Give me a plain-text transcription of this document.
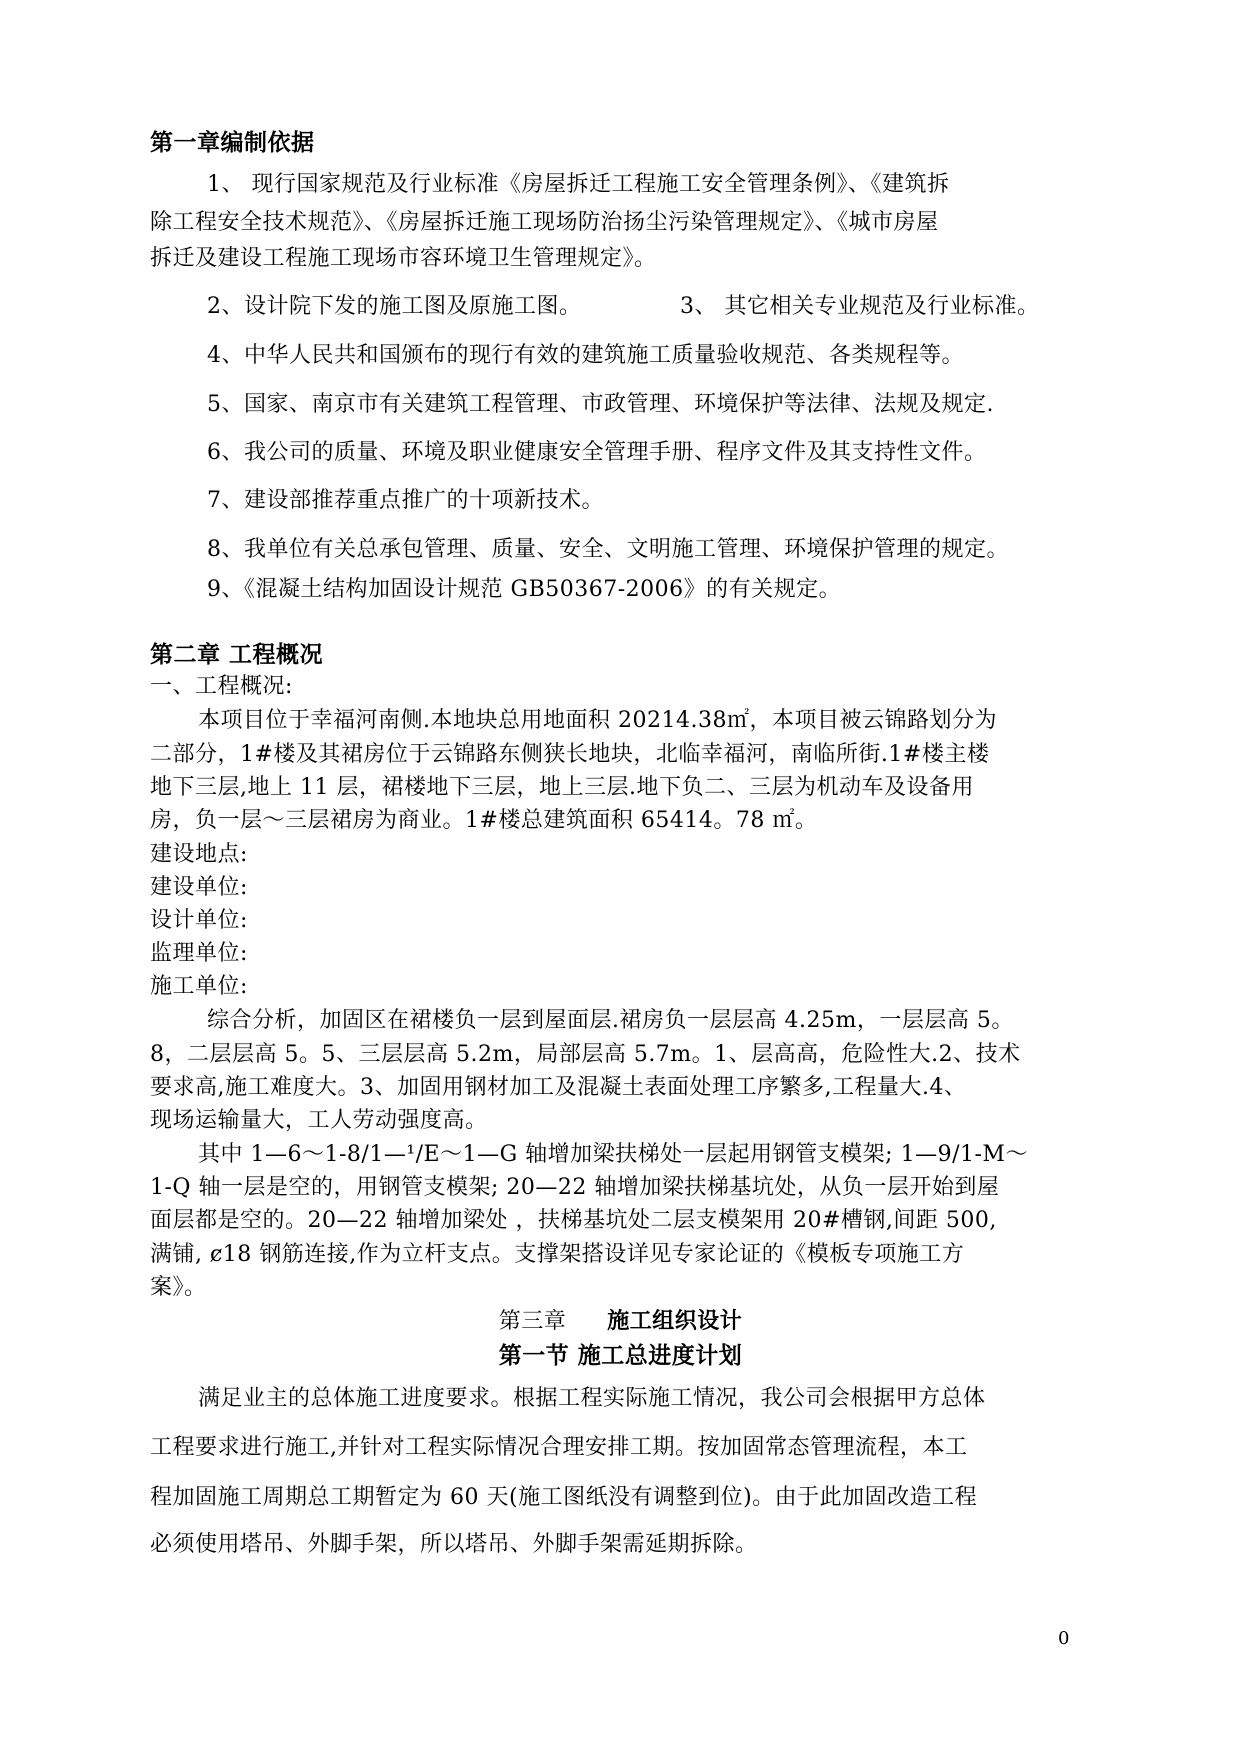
第一章编制依据
1、 现行国家规范及行业标准《房屋拆迁工程施工安全管理条例》、《建筑拆
除工程安全技术规范》、《房屋拆迁施工现场防治扬尘污染管理规定》、《城市房屋
拆迁及建设工程施工现场市容环境卫生管理规定》。
2、设计院下发的施工图及原施工图。	3、 其它相关专业规范及行业标准。
4、中华人民共和国颁布的现行有效的建筑施工质量验收规范、各类规程等。
5、国家、南京市有关建筑工程管理、市政管理、环境保护等法律、法规及规定.
6、我公司的质量、环境及职业健康安全管理手册、程序文件及其支持性文件。
7、建设部推荐重点推广的十项新技术。
8、我单位有关总承包管理、质量、安全、文明施工管理、环境保护管理的规定。
9、《混凝土结构加固设计规范 GB50367-2006》的有关规定。
第二章 工程概况
一、工程概况:
本项目位于幸福河南侧.本地块总用地面积 20214.38㎡，本项目被云锦路划分为
二部分，1#楼及其裙房位于云锦路东侧狭长地块，北临幸福河，南临所街.1#楼主楼
地下三层,地上 11 层，裙楼地下三层，地上三层.地下负二、三层为机动车及设备用
房，负一层～三层裙房为商业。1#楼总建筑面积 65414。78 ㎡。
建设地点:
建设单位:
设计单位:
监理单位:
施工单位:
综合分析，加固区在裙楼负一层到屋面层.裙房负一层层高 4.25m，一层层高 5。
8，二层层高 5。5、三层层高 5.2m，局部层高 5.7m。1、层高高，危险性大.2、技术
要求高,施工难度大。3、加固用钢材加工及混凝土表面处理工序繁多,工程量大.4、
现场运输量大，工人劳动强度高。
其中 1—6～1-8/1—¹/E～1—G 轴增加梁扶梯处一层起用钢管支模架; 1—9/1-M～
1-Q 轴一层是空的，用钢管支模架; 20—22 轴增加梁扶梯基坑处，从负一层开始到屋
面层都是空的。20—22 轴增加梁处 ，扶梯基坑处二层支模架用 20#槽钢,间距 500,
满铺, ȼ18 钢筋连接,作为立杆支点。支撑架搭设详见专家论证的《模板专项施工方
案》。
第三章 施工组织设计
第一节 施工总进度计划
满足业主的总体施工进度要求。根据工程实际施工情况，我公司会根据甲方总体
工程要求进行施工,并针对工程实际情况合理安排工期。按加固常态管理流程，本工
程加固施工周期总工期暂定为 60 天(施工图纸没有调整到位)。由于此加固改造工程
必须使用塔吊、外脚手架，所以塔吊、外脚手架需延期拆除。
0
